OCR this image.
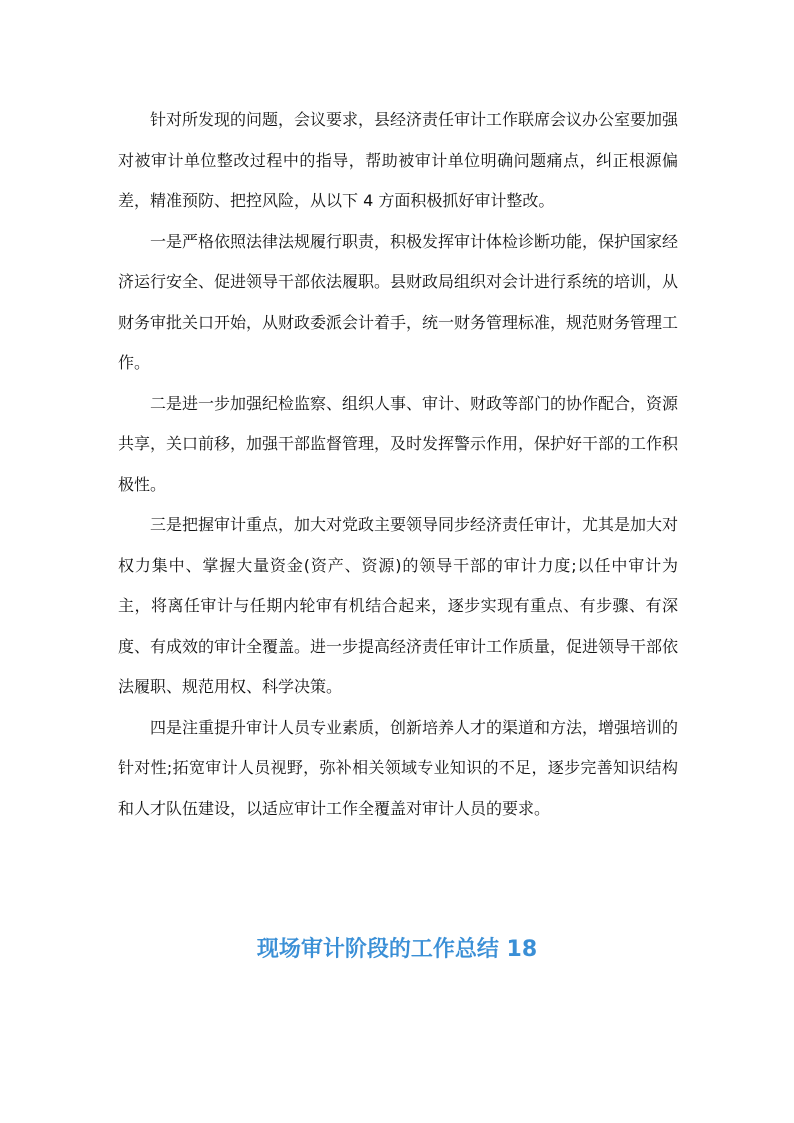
针对所发现的问题，会议要求，县经济责任审计工作联席会议办公室要加强对被审计单位整改过程中的指导，帮助被审计单位明确问题痛点，纠正根源偏差，精准预防、把控风险，从以下 4 方面积极抓好审计整改。

一是严格依照法律法规履行职责，积极发挥审计体检诊断功能，保护国家经济运行安全、促进领导干部依法履职。县财政局组织对会计进行系统的培训，从财务审批关口开始，从财政委派会计着手，统一财务管理标准，规范财务管理工作。

二是进一步加强纪检监察、组织人事、审计、财政等部门的协作配合，资源共享，关口前移，加强干部监督管理，及时发挥警示作用，保护好干部的工作积极性。

三是把握审计重点，加大对党政主要领导同步经济责任审计，尤其是加大对权力集中、掌握大量资金(资产、资源)的领导干部的审计力度;以任中审计为主，将离任审计与任期内轮审有机结合起来，逐步实现有重点、有步骤、有深度、有成效的审计全覆盖。进一步提高经济责任审计工作质量，促进领导干部依法履职、规范用权、科学决策。

四是注重提升审计人员专业素质，创新培养人才的渠道和方法，增强培训的针对性;拓宽审计人员视野，弥补相关领域专业知识的不足，逐步完善知识结构和人才队伍建设，以适应审计工作全覆盖对审计人员的要求。

现场审计阶段的工作总结 18
